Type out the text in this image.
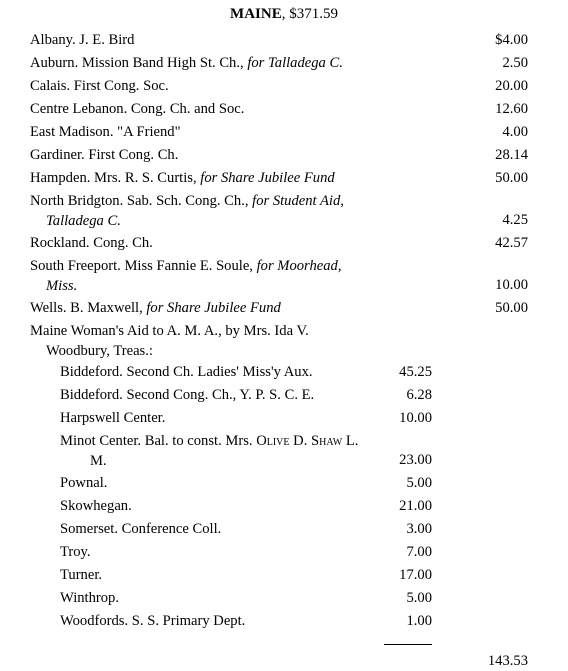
MAINE, $371.59
Albany. J. E. Bird	$4.00
Auburn. Mission Band High St. Ch., for Talladega C.	2.50
Calais. First Cong. Soc.	20.00
Centre Lebanon. Cong. Ch. and Soc.	12.60
East Madison. "A Friend"	4.00
Gardiner. First Cong. Ch.	28.14
Hampden. Mrs. R. S. Curtis, for Share Jubilee Fund	50.00
North Bridgton. Sab. Sch. Cong. Ch., for Student Aid,
Talladega C.	4.25
Rockland. Cong. Ch.	42.57
South Freeport. Miss Fannie E. Soule, for Moorhead,
Miss.	10.00
Wells. B. Maxwell, for Share Jubilee Fund	50.00
Maine Woman's Aid to A. M. A., by Mrs. Ida V.
Woodbury, Treas.:
Biddeford. Second Ch. Ladies' Miss'y Aux.	45.25
Biddeford. Second Cong. Ch., Y. P. S. C. E.	6.28
Harpswell Center.	10.00
Minot Center. Bal. to const. Mrs. Olive D. Shaw L.
M.	23.00
Pownal.	5.00
Skowhegan.	21.00
Somerset. Conference Coll.	3.00
Troy.	7.00
Turner.	17.00
Winthrop.	5.00
Woodfords. S. S. Primary Dept.	1.00
143.53
